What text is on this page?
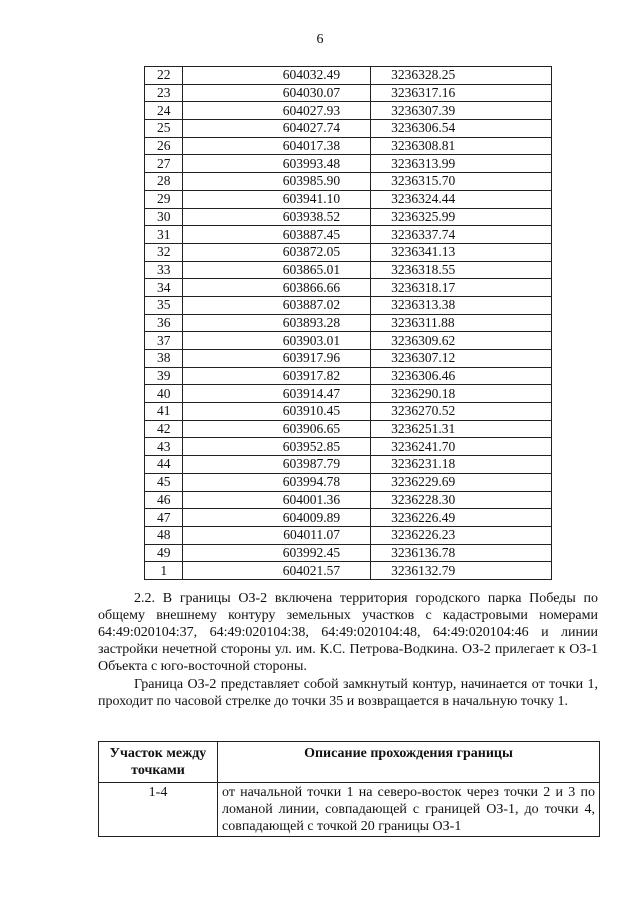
6
22	604032.49	3236328.25
23	604030.07	3236317.16
24	604027.93	3236307.39
25	604027.74	3236306.54
26	604017.38	3236308.81
27	603993.48	3236313.99
28	603985.90	3236315.70
29	603941.10	3236324.44
30	603938.52	3236325.99
31	603887.45	3236337.74
32	603872.05	3236341.13
33	603865.01	3236318.55
34	603866.66	3236318.17
35	603887.02	3236313.38
36	603893.28	3236311.88
37	603903.01	3236309.62
38	603917.96	3236307.12
39	603917.82	3236306.46
40	603914.47	3236290.18
41	603910.45	3236270.52
42	603906.65	3236251.31
43	603952.85	3236241.70
44	603987.79	3236231.18
45	603994.78	3236229.69
46	604001.36	3236228.30
47	604009.89	3236226.49
48	604011.07	3236226.23
49	603992.45	3236136.78
1	604021.57	3236132.79
2.2. В границы ОЗ-2 включена территория городского парка Победы по общему внешнему контуру земельных участков с кадастровыми номерами 64:49:020104:37, 64:49:020104:38, 64:49:020104:48, 64:49:020104:46 и линии застройки нечетной стороны ул. им. К.С. Петрова-Водкина. ОЗ-2 прилегает к ОЗ-1 Объекта с юго-восточной стороны.
Граница ОЗ-2 представляет собой замкнутый контур, начинается от точки 1, проходит по часовой стрелке до точки 35 и возвращается в начальную точку 1.
Участок между точками	Описание прохождения границы
1-4	от начальной точки 1 на северо-восток через точки 2 и 3 по ломаной линии, совпадающей с границей ОЗ-1, до точки 4, совпадающей с точкой 20 границы ОЗ-1
